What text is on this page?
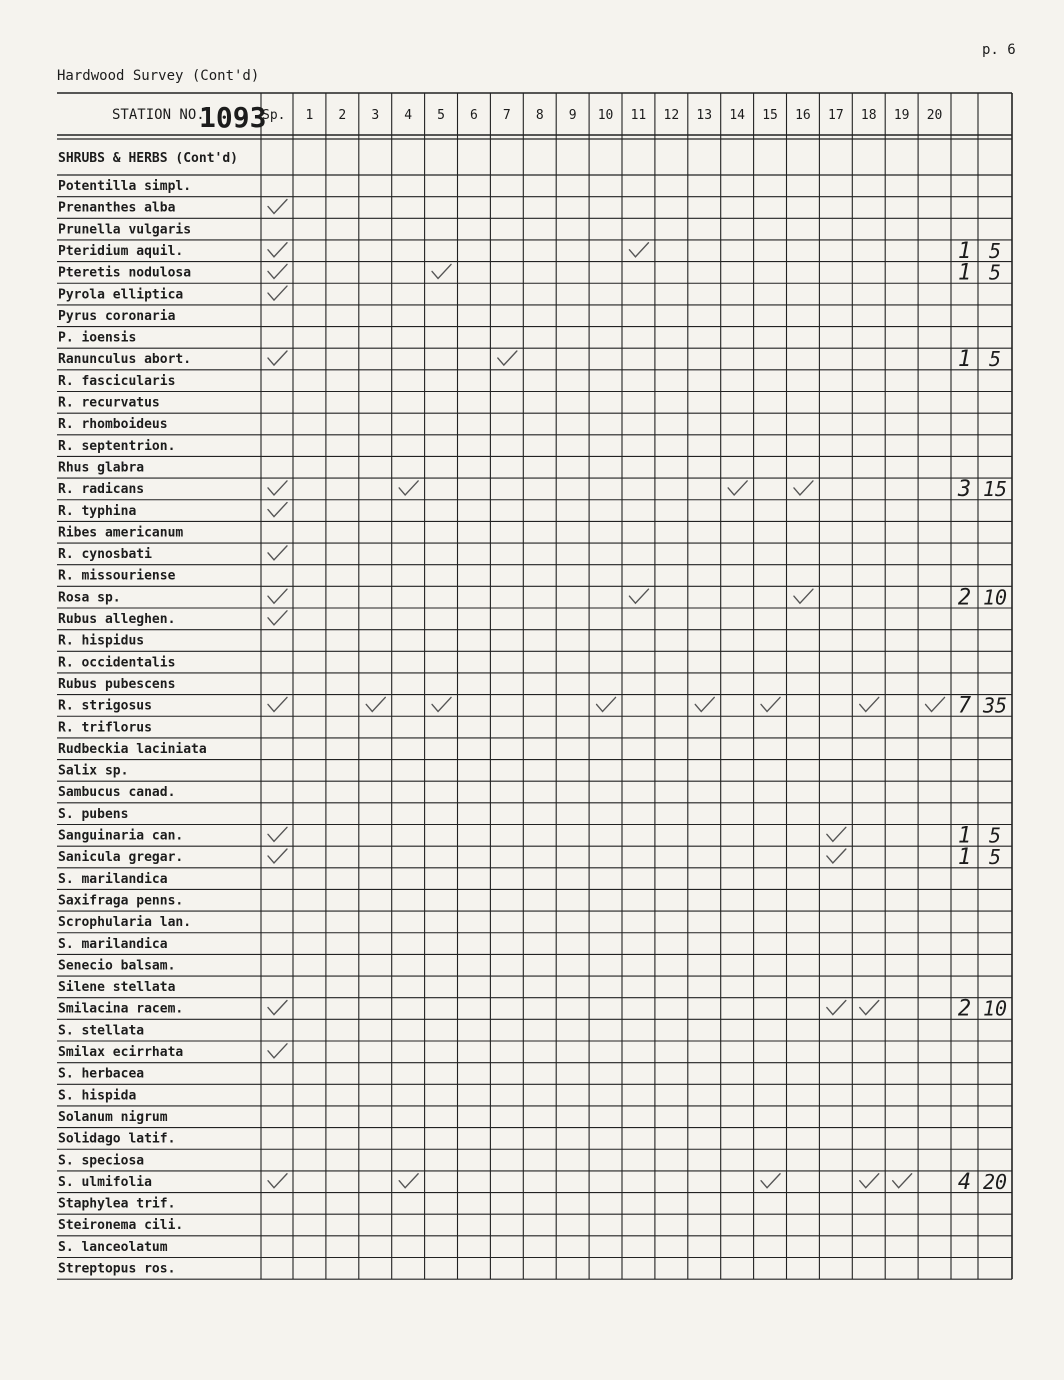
p. 6
Hardwood Survey (Cont'd)
STATION NO.
1093
Sp. 1 2 3 4 5 6 7 8 9 10 11 12 13 14 15 16 17 18 19 20
SHRUBS & HERBS (Cont'd)
Potentilla simpl.
Prenanthes alba
Prunella vulgaris
Pteridium aquil.	1 5
Pteretis nodulosa	1 5
Pyrola elliptica
Pyrus coronaria
P. ioensis
Ranunculus abort.	1 5
R. fascicularis
R. recurvatus
R. rhomboideus
R. septentrion.
Rhus glabra
R. radicans	3 15
R. typhina
Ribes americanum
R. cynosbati
R. missouriense
Rosa sp.	2 10
Rubus alleghen.
R. hispidus
R. occidentalis
Rubus pubescens
R. strigosus	7 35
R. triflorus
Rudbeckia laciniata
Salix sp.
Sambucus canad.
S. pubens
Sanguinaria can.	1 5
Sanicula gregar.	1 5
S. marilandica
Saxifraga penns.
Scrophularia lan.
S. marilandica
Senecio balsam.
Silene stellata
Smilacina racem.	2 10
S. stellata
Smilax ecirrhata
S. herbacea
S. hispida
Solanum nigrum
Solidago latif.
S. speciosa
S. ulmifolia	4 20
Staphylea trif.
Steironema cili.
S. lanceolatum
Streptopus ros.
